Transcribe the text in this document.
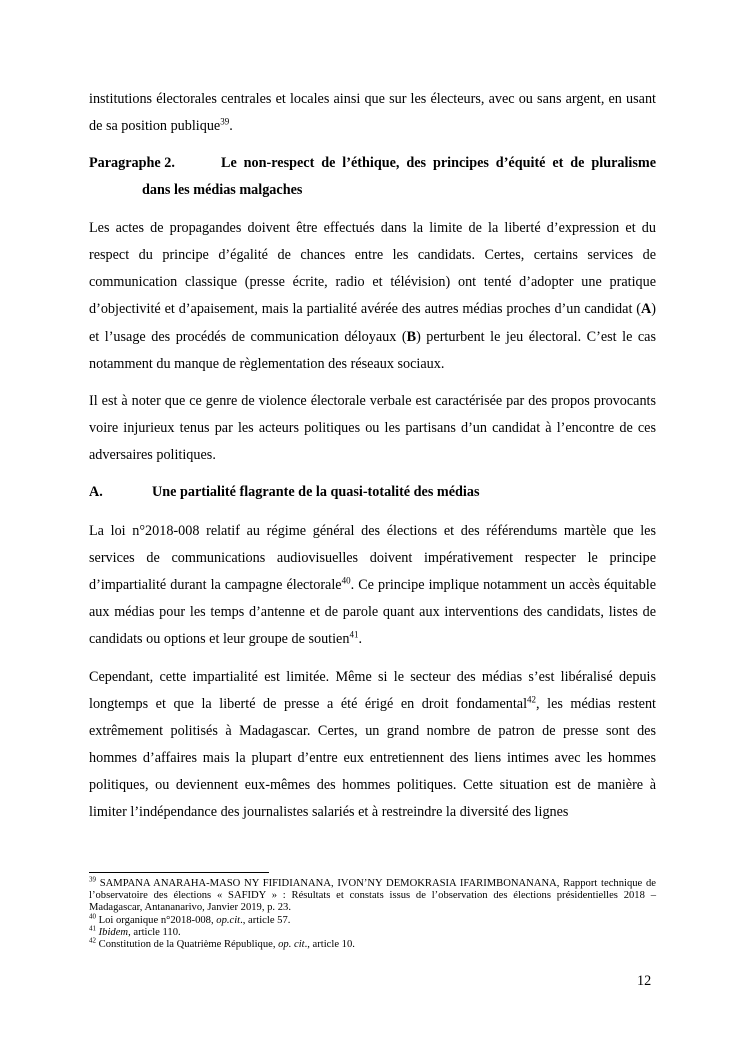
institutions électorales centrales et locales ainsi que sur les électeurs, avec ou sans argent, en usant de sa position publique$^{39}$.

Paragraphe 2.	Le non-respect de l’éthique, des principes d’équité et de pluralisme
dans les médias malgaches

Les actes de propagandes doivent être effectués dans la limite de la liberté d’expression et du respect du principe d’égalité de chances entre les candidats. Certes, certains services de communication classique (presse écrite, radio et télévision) ont tenté d’adopter une pratique d’objectivité et d’apaisement, mais la partialité avérée des autres médias proches d’un candidat (A) et l’usage des procédés de communication déloyaux (B) perturbent le jeu électoral. C’est le cas notamment du manque de règlementation des réseaux sociaux.

Il est à noter que ce genre de violence électorale verbale est caractérisée par des propos provocants voire injurieux tenus par les acteurs politiques ou les partisans d’un candidat à l’encontre de ces adversaires politiques.

A.	Une partialité flagrante de la quasi-totalité des médias

La loi n°2018-008 relatif au régime général des élections et des référendums martèle que les services de communications audiovisuelles doivent impérativement respecter le principe d’impartialité durant la campagne électorale$^{40}$. Ce principe implique notamment un accès équitable aux médias pour les temps d’antenne et de parole quant aux interventions des candidats, listes de candidats ou options et leur groupe de soutien$^{41}$.

Cependant, cette impartialité est limitée. Même si le secteur des médias s’est libéralisé depuis longtemps et que la liberté de presse a été érigé en droit fondamental$^{42}$, les médias restent extrêmement politisés à Madagascar. Certes, un grand nombre de patron de presse sont des hommes d’affaires mais la plupart d’entre eux entretiennent des liens intimes avec les hommes politiques, ou deviennent eux-mêmes des hommes politiques. Cette situation est de manière à limiter l’indépendance des journalistes salariés et à restreindre la diversité des lignes

$^{39}$ SAMPANA ANARAHA-MASO NY FIFIDIANANA, IVON’NY DEMOKRASIA IFARIMBONANANA, Rapport technique de l’observatoire des élections « SAFIDY » : Résultats et constats issus de l’observation des élections présidentielles 2018 – Madagascar, Antananarivo, Janvier 2019, p. 23.

$^{40}$ Loi organique n°2018-008, op.cit., article 57.

$^{41}$ Ibidem, article 110.

$^{42}$ Constitution de la Quatrième République, op. cit., article 10.

12
